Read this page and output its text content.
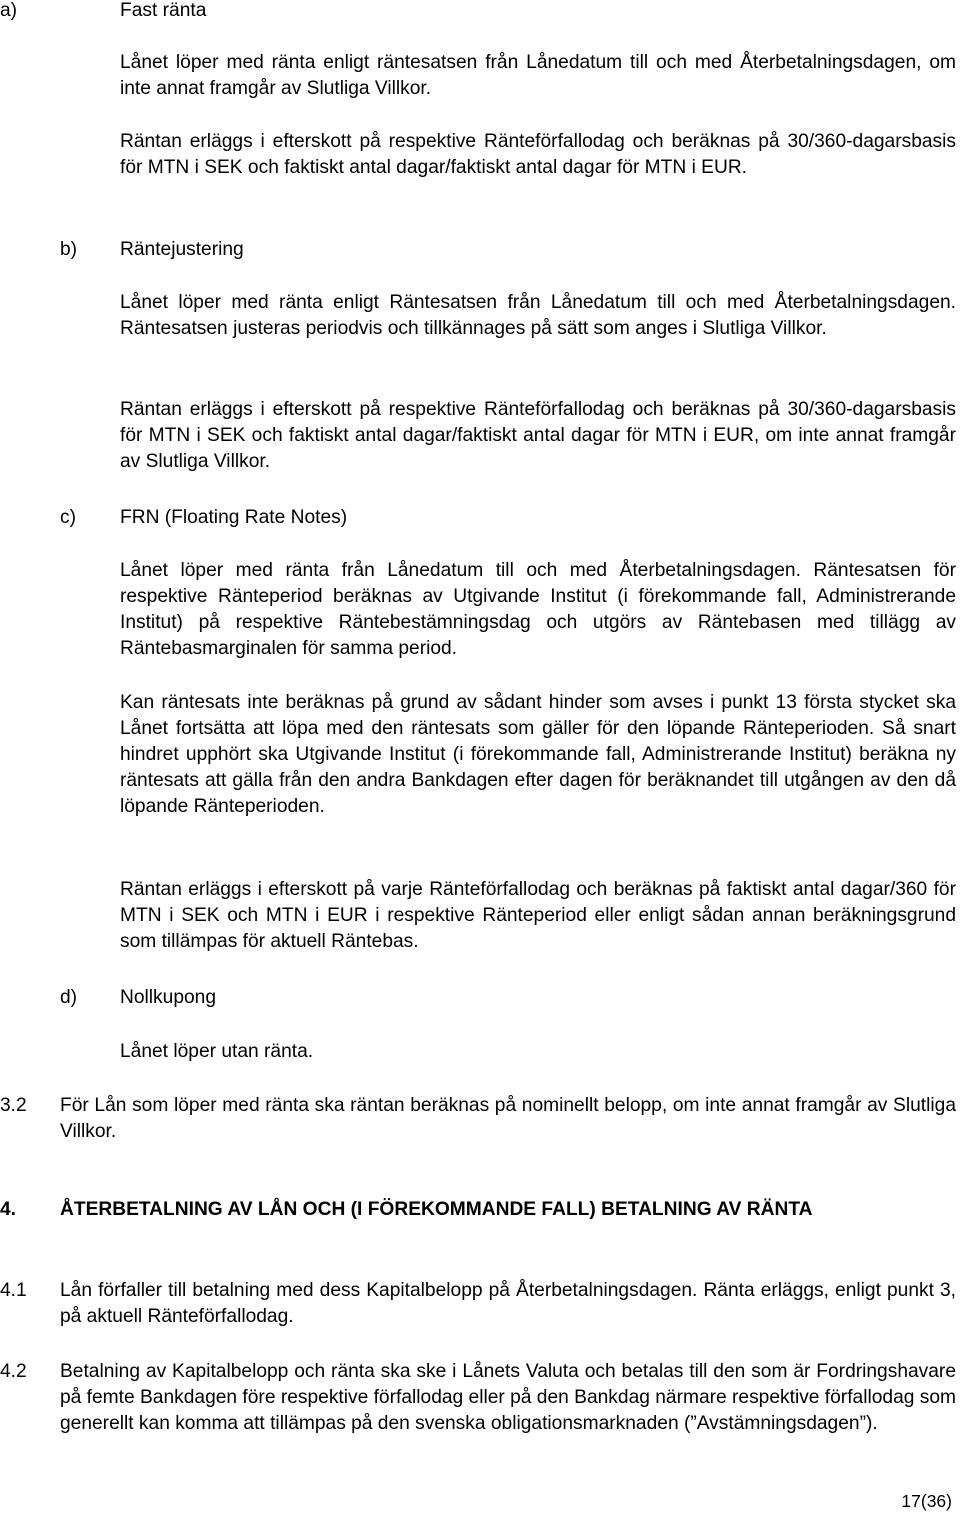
a)	Fast ränta

Lånet löper med ränta enligt räntesatsen från Lånedatum till och med Återbetalningsdagen, om inte annat framgår av Slutliga Villkor.

Räntan erläggs i efterskott på respektive Ränteförfallodag och beräknas på 30/360-dagarsbasis för MTN i SEK och faktiskt antal dagar/faktiskt antal dagar för MTN i EUR.

b) Räntejustering

Lånet löper med ränta enligt Räntesatsen från Lånedatum till och med Återbetalningsdagen. Räntesatsen justeras periodvis och tillkännages på sätt som anges i Slutliga Villkor.

Räntan erläggs i efterskott på respektive Ränteförfallodag och beräknas på 30/360-dagarsbasis för MTN i SEK och faktiskt antal dagar/faktiskt antal dagar för MTN i EUR, om inte annat framgår av Slutliga Villkor.

c) FRN (Floating Rate Notes)

Lånet löper med ränta från Lånedatum till och med Återbetalningsdagen. Räntesatsen för respektive Ränteperiod beräknas av Utgivande Institut (i förekommande fall, Administrerande Institut) på respektive Räntebestämningsdag och utgörs av Räntebasen med tillägg av Räntebasmarginalen för samma period.

Kan räntesats inte beräknas på grund av sådant hinder som avses i punkt 13 första stycket ska Lånet fortsätta att löpa med den räntesats som gäller för den löpande Ränteperioden. Så snart hindret upphört ska Utgivande Institut (i förekommande fall, Administrerande Institut) beräkna ny räntesats att gälla från den andra Bankdagen efter dagen för beräknandet till utgången av den då löpande Ränteperioden.

Räntan erläggs i efterskott på varje Ränteförfallodag och beräknas på faktiskt antal dagar/360 för MTN i SEK och MTN i EUR i respektive Ränteperiod eller enligt sådan annan beräkningsgrund som tillämpas för aktuell Räntebas.

d) Nollkupong

Lånet löper utan ränta.

3.2 För Lån som löper med ränta ska räntan beräknas på nominellt belopp, om inte annat framgår av Slutliga Villkor.

4. ÅTERBETALNING AV LÅN OCH (I FÖREKOMMANDE FALL) BETALNING AV RÄNTA

4.1 Lån förfaller till betalning med dess Kapitalbelopp på Återbetalningsdagen. Ränta erläggs, enligt punkt 3, på aktuell Ränteförfallodag.

4.2 Betalning av Kapitalbelopp och ränta ska ske i Lånets Valuta och betalas till den som är Fordringshavare på femte Bankdagen före respektive förfallodag eller på den Bankdag närmare respektive förfallodag som generellt kan komma att tillämpas på den svenska obligationsmarknaden (”Avstämningsdagen”).

17(36)
